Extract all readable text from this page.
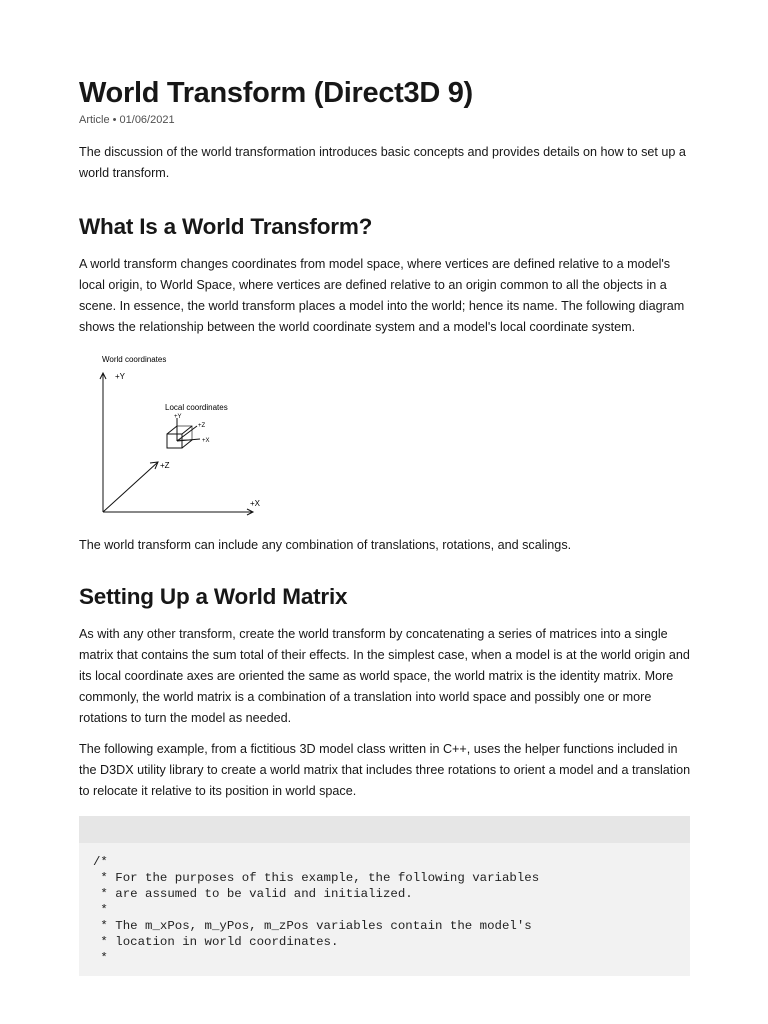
World Transform (Direct3D 9)
Article • 01/06/2021

The discussion of the world transformation introduces basic concepts and provides details on how to set up a world transform.

What Is a World Transform?

A world transform changes coordinates from model space, where vertices are defined relative to a model's local origin, to World Space, where vertices are defined relative to an origin common to all the objects in a scene. In essence, the world transform places a model into the world; hence its name. The following diagram shows the relationship between the world coordinate system and a model's local coordinate system.

World coordinates
+Y
+X
+Z
Local coordinates
+Y
+X
+Z

The world transform can include any combination of translations, rotations, and scalings.

Setting Up a World Matrix

As with any other transform, create the world transform by concatenating a series of matrices into a single matrix that contains the sum total of their effects. In the simplest case, when a model is at the world origin and its local coordinate axes are oriented the same as world space, the world matrix is the identity matrix. More commonly, the world matrix is a combination of a translation into world space and possibly one or more rotations to turn the model as needed.

The following example, from a fictitious 3D model class written in C++, uses the helper functions included in the D3DX utility library to create a world matrix that includes three rotations to orient a model and a translation to relocate it relative to its position in world space.

/*
* For the purposes of this example, the following variables
* are assumed to be valid and initialized.
*
* The m_xPos, m_yPos, m_zPos variables contain the model's
* location in world coordinates.
*
